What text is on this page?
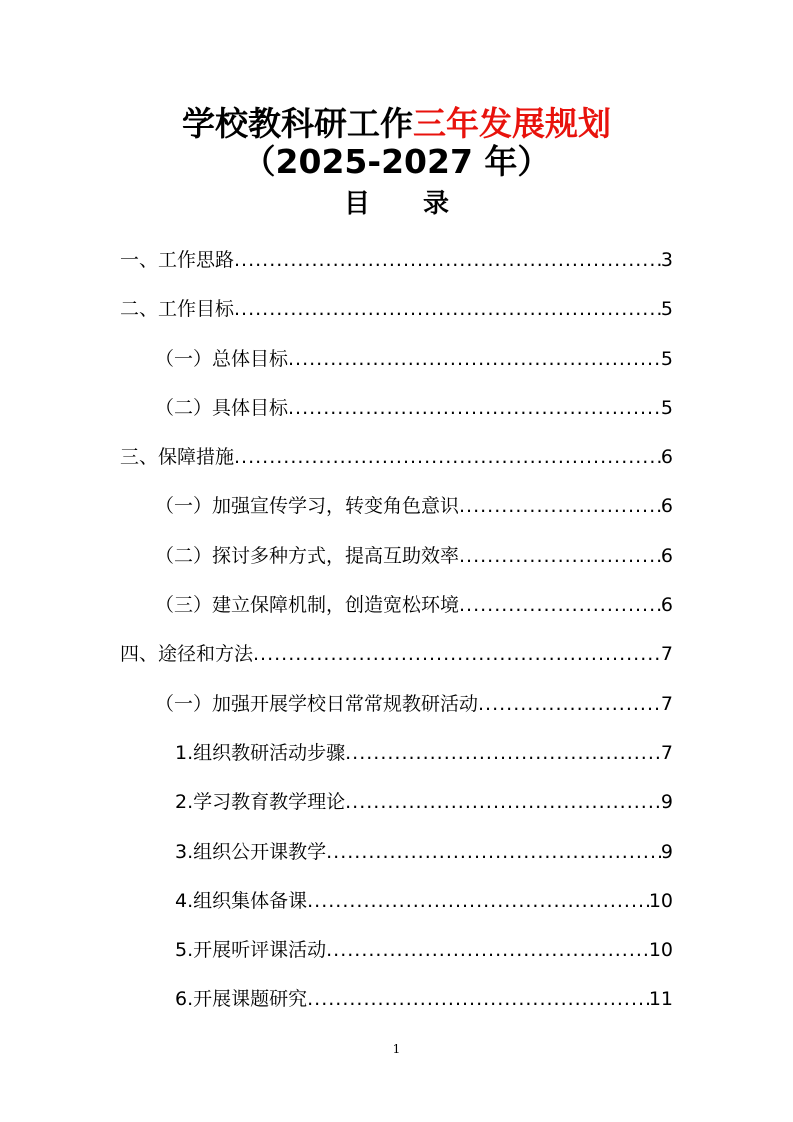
学校教科研工作三年发展规划
（2025-2027 年）
目 录
一、工作思路 .....	3
二、工作目标 .....	5
（一）总体目标 .....	5
（二）具体目标 .....	5
三、保障措施 .....	6
（一）加强宣传学习，转变角色意识 .....	6
（二）探讨多种方式，提高互助效率 .....	6
（三）建立保障机制，创造宽松环境 .....	6
四、途径和方法 .....	7
（一）加强开展学校日常常规教研活动 .....	7
1.组织教研活动步骤 .....	7
2.学习教育教学理论 .....	9
3.组织公开课教学 .....	9
4.组织集体备课 .....	10
5.开展听评课活动 .....	10
6.开展课题研究 .....	11
1
